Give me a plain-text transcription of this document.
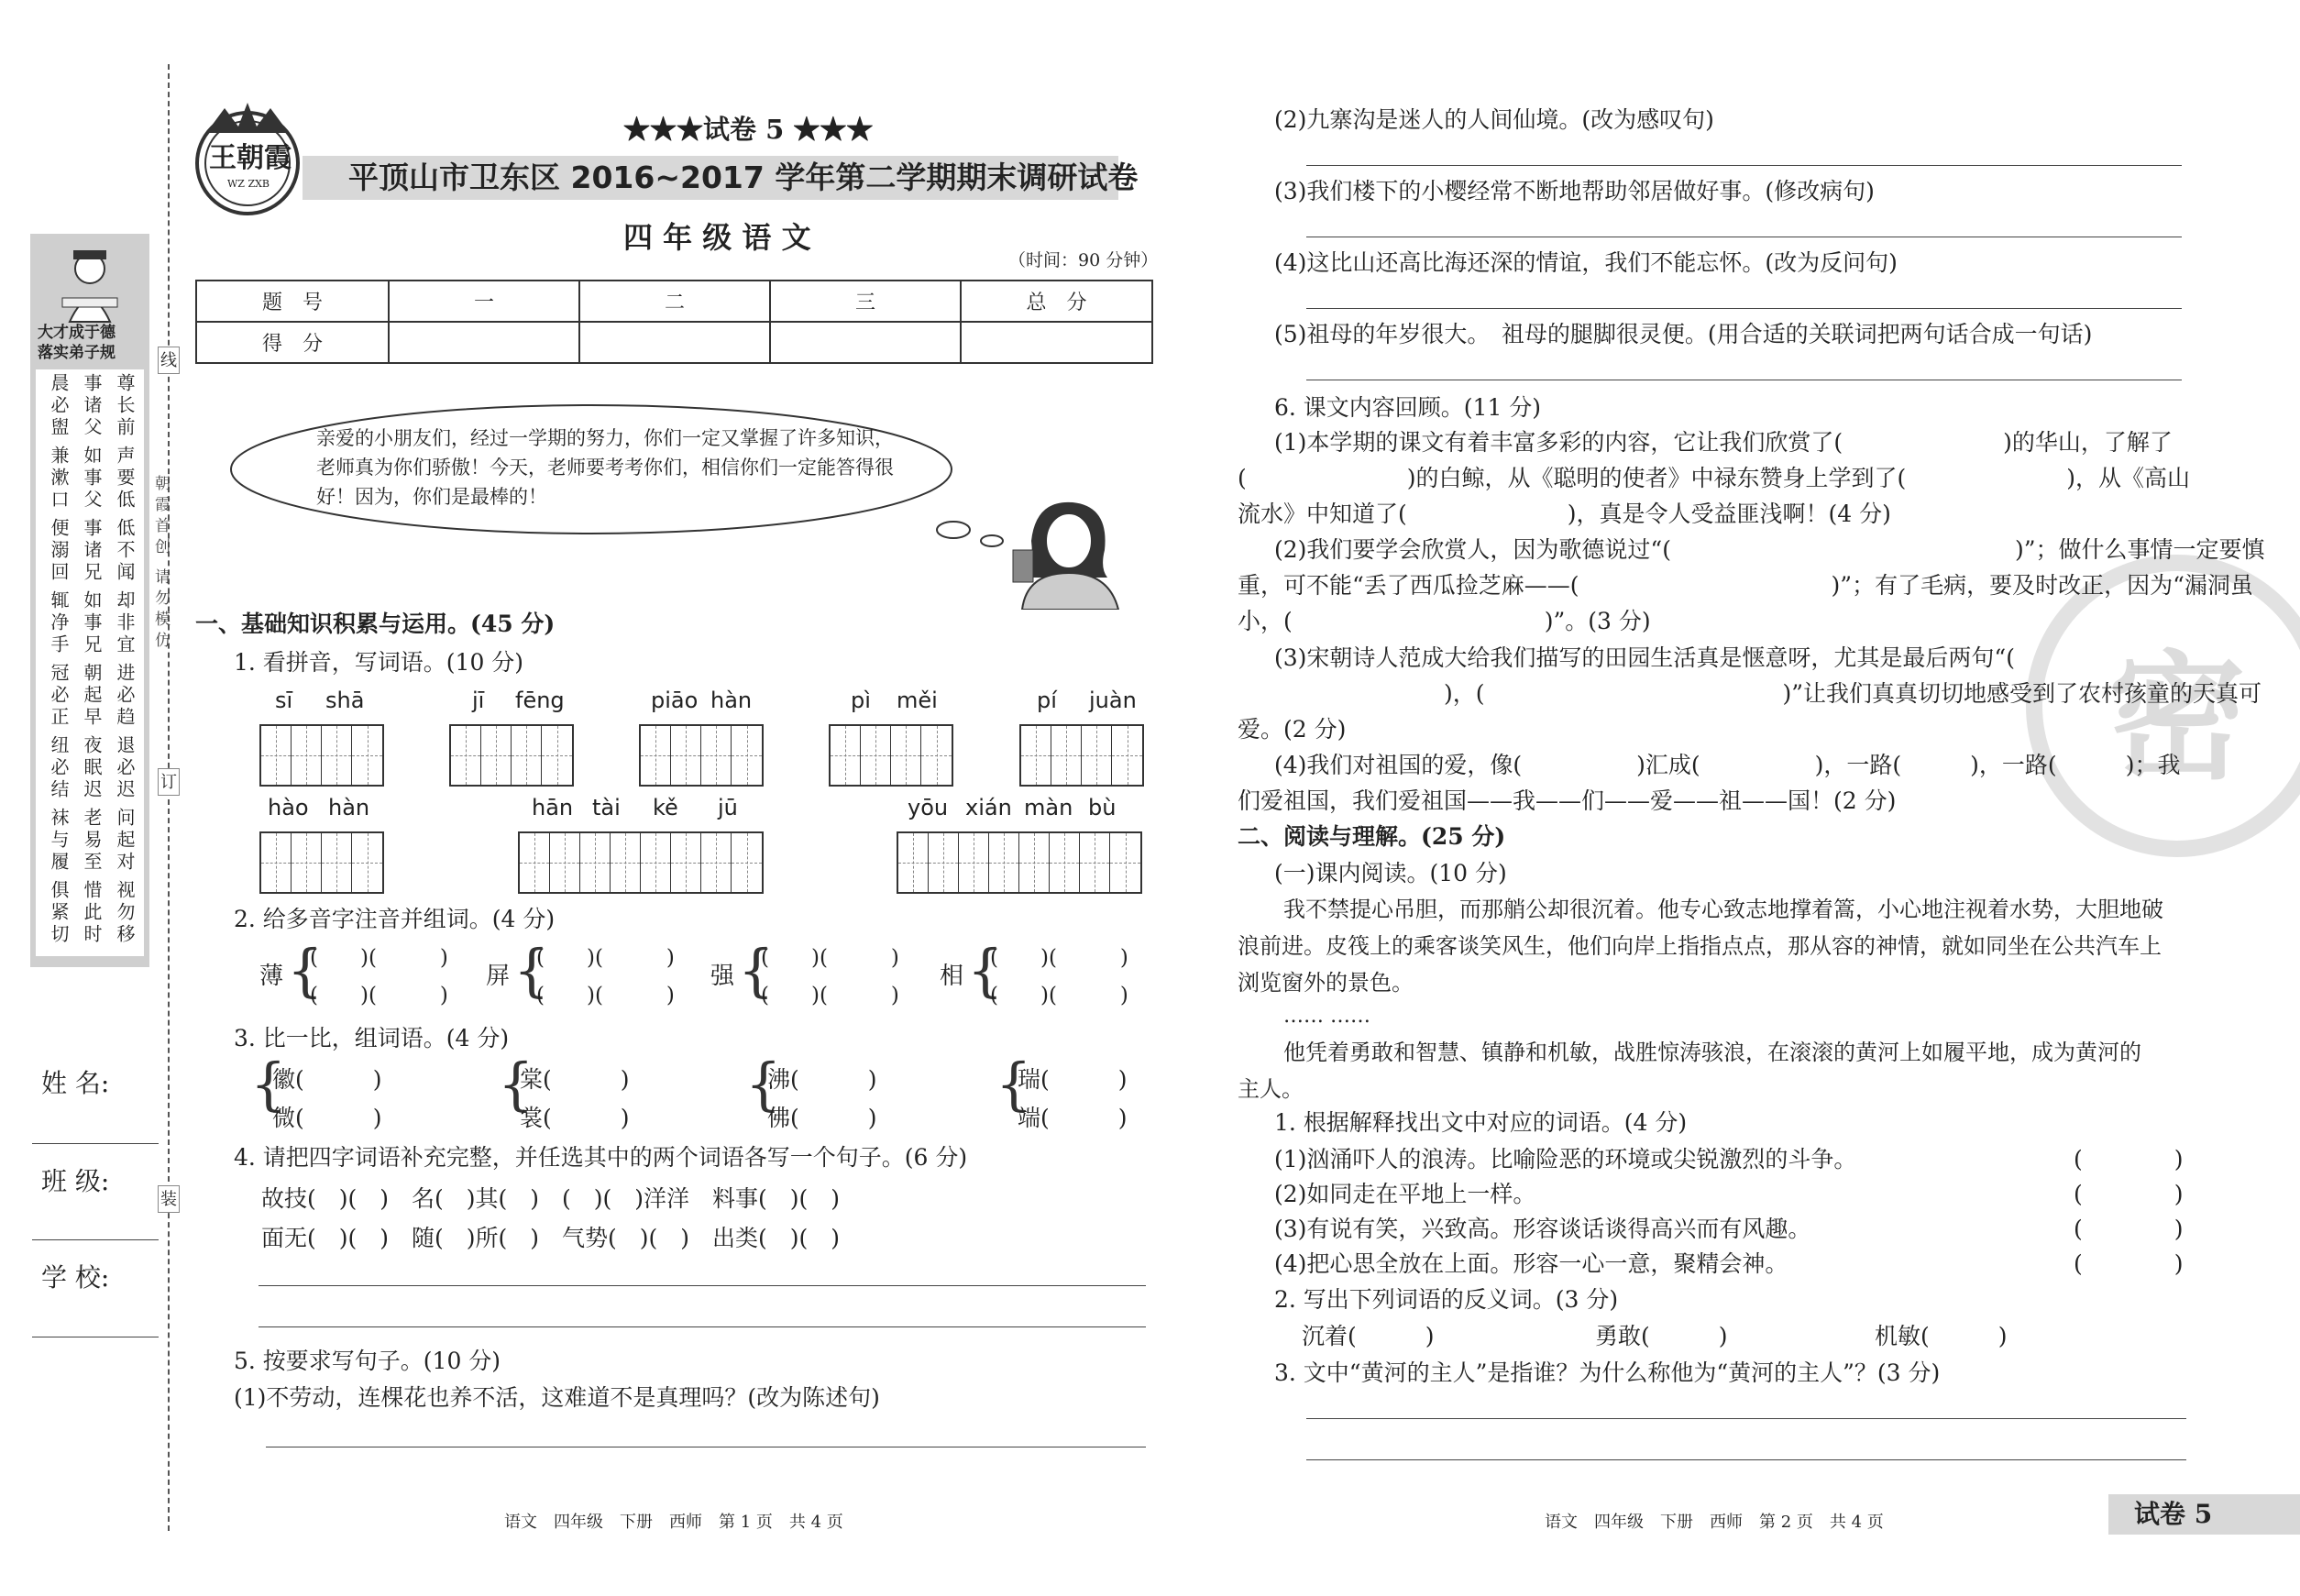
线
订
装
朝霞首创
请勿模仿
大才成于德
落实弟子规
晨必盥 事诸父 尊长前
兼漱口 如事父 声要低
便溺回 事诸兄 低不闻
辄净手 如事兄 却非宜
冠必正 朝起早 进必趋
纽必结 夜眠迟 退必迟
袜与履 老易至 问起对
俱紧切 惜此时 视勿移
姓 名:
班 级:
学 校:
王朝霞
WZ ZXB
★★★试卷 5 ★★★
平顶山市卫东区 2016~2017 学年第二学期期末调研试卷
四 年 级 语 文
（时间：90 分钟）
题　号	一	二	三	总　分
得　分				
亲爱的小朋友们，经过一学期的努力，你们一定又掌握了许多知识，老师真为你们骄傲！今天，老师要考考你们，相信你们一定能答得很好！因为，你们是最棒的！
一、基础知识积累与运用。(45 分)
1. 看拼音，写词语。(10 分)
sī shā	jī fēng	piāo hàn	pì měi	pí juàn
hào hàn	hān tài kě jū	yōu xián màn bù
2. 给多音字注音并组词。(4 分)
薄 {
(　　)(　　　)
(　　)(　　　)
屏 {
(　　)(　　　)
(　　)(　　　)
强 {
(　　)(　　　)
(　　)(　　　)
相 {
(　　)(　　　)
(　　)(　　　)
3. 比一比，组词语。(4 分)
{
徽(　　　)
微(　　　)
{
棠(　　　)
裳(　　　)
{
沸(　　　)
佛(　　　)
{
瑞(　　　)
端(　　　)
4. 请把四字词语补充完整，并任选其中的两个词语各写一个句子。(6 分)
故技(　)(　)　名(　)其(　)　(　)(　)洋洋　料事(　)(　)
面无(　)(　)　随(　)所(　)　气势(　)(　)　出类(　)(　)
5. 按要求写句子。(10 分)
(1)不劳动，连棵花也养不活，这难道不是真理吗？(改为陈述句)
语文　四年级　下册　西师　第 1 页　共 4 页
密
(2)九寨沟是迷人的人间仙境。(改为感叹句)
(3)我们楼下的小樱经常不断地帮助邻居做好事。(修改病句)
(4)这比山还高比海还深的情谊，我们不能忘怀。(改为反问句)
(5)祖母的年岁很大。　祖母的腿脚很灵便。(用合适的关联词把两句话合成一句话)
6. 课文内容回顾。(11 分)
(1)本学期的课文有着丰富多彩的内容，它让我们欣赏了(　　　　　　　)的华山，了解了
(　　　　　　　)的白鲸，从《聪明的使者》中禄东赞身上学到了(　　　　　　　)，从《高山
流水》中知道了(　　　　　　　)，真是令人受益匪浅啊！(4 分)
(2)我们要学会欣赏人，因为歌德说过“(　　　　　　　　　　　　　　　)”；做什么事情一定要慎
重，可不能“丢了西瓜捡芝麻——(　　　　　　　　　　　)”；有了毛病，要及时改正，因为“漏洞虽
小，(　　　　　　　　　　　)”。(3 分)
(3)宋朝诗人范成大给我们描写的田园生活真是惬意呀，尤其是最后两句“(
　　　　　　　　　)，(　　　　　　　　　　　　　)”让我们真真切切地感受到了农村孩童的天真可
爱。(2 分)
(4)我们对祖国的爱，像(　　　　　)汇成(　　　　　)，一路(　　　)，一路(　　　)；我
们爱祖国，我们爱祖国——我——们——爱——祖——国！(2 分)
二、阅读与理解。(25 分)
(一)课内阅读。(10 分)
我不禁提心吊胆，而那艄公却很沉着。他专心致志地撑着篙，小心地注视着水势，大胆地破
浪前进。皮筏上的乘客谈笑风生，他们向岸上指指点点，那从容的神情，就如同坐在公共汽车上
浏览窗外的景色。
…… ……
他凭着勇敢和智慧、镇静和机敏，战胜惊涛骇浪，在滚滚的黄河上如履平地，成为黄河的
主人。
1. 根据解释找出文中对应的词语。(4 分)
(1)汹涌吓人的浪涛。比喻险恶的环境或尖锐激烈的斗争。	(　　　　)
(2)如同走在平地上一样。	(　　　　)
(3)有说有笑，兴致高。形容谈话谈得高兴而有风趣。	(　　　　)
(4)把心思全放在上面。形容一心一意，聚精会神。	(　　　　)
2. 写出下列词语的反义词。(3 分)
沉着(　　　)	勇敢(　　　)	机敏(　　　)
3. 文中“黄河的主人”是指谁？为什么称他为“黄河的主人”？(3 分)
语文　四年级　下册　西师　第 2 页　共 4 页	试卷 5
